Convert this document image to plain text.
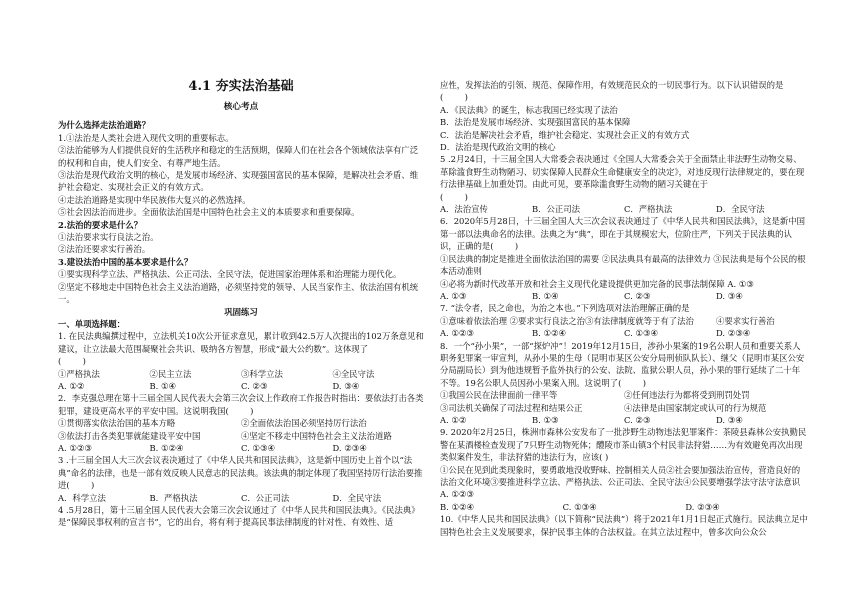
4.1 夯实法治基础
核心考点

为什么选择走法治道路？

1.①法治是人类社会进入现代文明的重要标志。

②法治能够为人们提供良好的生活秩序和稳定的生活预期，保障人们在社会各个领域依法享有广泛的权利和自由，使人们安全、有尊严地生活。

③法治是现代政治文明的核心，是发展市场经济、实现强国富民的基本保障，是解决社会矛盾、维护社会稳定、实现社会正义的有效方式。

④走法治道路是实现中华民族伟大复兴的必然选择。

⑤社会因法治而进步。全面依法治国是中国特色社会主义的本质要求和重要保障。

2.法治的要求是什么？

①法治要求实行良法之治。

②法治还要求实行善治。

3.建设法治中国的基本要求是什么？

①要实现科学立法、严格执法、公正司法、全民守法，促进国家治理体系和治理能力现代化。

②坚定不移地走中国特色社会主义法治道路，必须坚持党的领导、人民当家作主、依法治国有机统一。

巩固练习

一、单项选择题：

1. 在民法典编撰过程中，立法机关10次公开征求意见，累计收到42.5万人次提出的102万条意见和建议，让立法最大范围凝聚社会共识、吸纳各方智慧，形成“最大公约数”。这体现了

(        )

①严格执法	②民主立法	③科学立法	④全民守法
A. ①②	B. ①④	C. ②③	D. ③④

2．李克强总理在第十三届全国人民代表大会第三次会议上作政府工作报告时指出：要依法打击各类犯罪，建设更高水平的平安中国。这说明我国(        )

①贯彻落实依法治国的基本方略	②全面依法治国必须坚持厉行法治
③依法打击各类犯罪就能建设平安中国	④坚定不移走中国特色社会主义法治道路
A. ①②③	B. ①②④	C. ①③④	D. ②③④

3 .十三届全国人大三次会议表决通过了《中华人民共和国民法典》，这是新中国历史上首个以“法典”命名的法律，也是一部有效反映人民意志的民法典。该法典的制定体现了我国坚持厉行法治要推进(        )

A．科学立法	B．严格执法	C．公正司法	D．全民守法

4 .5月28日，第十三届全国人民代表大会第三次会议通过了《中华人民共和国民法典》。《民法典》是“保障民事权利的宣言书”，它的出台，将有利于提高民事法律制度的针对性、有效性、适

应性，发挥法治的引领、规范、保障作用，有效规范民众的一切民事行为。以下认识错误的是

(        )

A．《民法典》的诞生，标志我国已经实现了法治

B．法治是发展市场经济、实现强国富民的基本保障

C．法治是解决社会矛盾，维护社会稳定、实现社会正义的有效方式

D．法治是现代政治文明的核心

5 .2月24日，十三届全国人大常委会表决通过《全国人大常委会关于全面禁止非法野生动物交易、革除滥食野生动物陋习、切实保障人民群众生命健康安全的决定》，对违反现行法律规定的，要在现行法律基础上加重处罚。由此可见，要革除滥食野生动物的陋习关键在于

(        )

A．法治宣传	B．公正司法	C．严格执法	D．全民守法

6．2020年5月28日，十三届全国人大三次会议表决通过了《中华人民共和国民法典》，这是新中国第一部以法典命名的法律。法典之为“典”，即在于其规模宏大，位阶庄严，下列关于民法典的认识，正确的是(        )

①民法典的制定是推进全面依法治国的需要 ②民法典具有最高的法律效力 ③民法典是每个公民的根本活动准则

④必将为新时代改革开放和社会主义现代化建设提供更加完备的民事法制保障 A. ①③

A. ①③	B. ①④	C. ②③	D. ③④

7. “法令者，民之命也，为治之本也。”下列选项对法治理解正确的是

①意味着依法治理 ②要求实行良法之治③有法律制度就等于有了法治	④要求实行善治
A. ①②③	B. ①②④	C. ①③④	D. ②③④

8．一个“孙小果”，一部“探炉冲”！2019年12月15日，涉孙小果案的19名公职人员和重要关系人职务犯罪案一审宣判，从孙小果的生母（昆明市某区公安分局刑侦队队长）、继父（昆明市某区公安分局副局长）到为他违规暂予监外执行的公安、法院、监狱公职人员，孙小果的罪行延续了二十年不等。19名公职人员因孙小果案入刑。这说明了(        )

①我国公民在法律面前一律平等	②任何违法行为都将受到刑罚处罚
③司法机关确保了司法过程和结果公正	④法律是由国家制定或认可的行为规范
A. ①②	B. ①③	C. ②③	D. ③④

9. 2020年2月25日，株洲市森林公安发布了一批涉野生动物违法犯罪案件：茶陵县森林公安执勤民警在某酒楼检查发现了7只野生动物死体；醴陵市茶山镇3个村民非法狩猎……为有效避免再次出现类似案件发生，非法狩猎的违法行为，应该( )

①公民在见到此类现象时，要勇敢地没收野味、控制相关人员②社会要加强法治宣传，营造良好的法治文化环境③要推进科学立法、严格执法、公正司法、全民守法④公民要增强学法守法守法意识 A. ①②③

B. ①②④	C. ①③④	D. ②③④

10.《中华人民共和国民法典》（以下简称“民法典”）将于2021年1月1日起正式施行。民法典立足中国特色社会主义发展要求，保护民事主体的合法权益。在其立法过程中，曾多次向公众公
